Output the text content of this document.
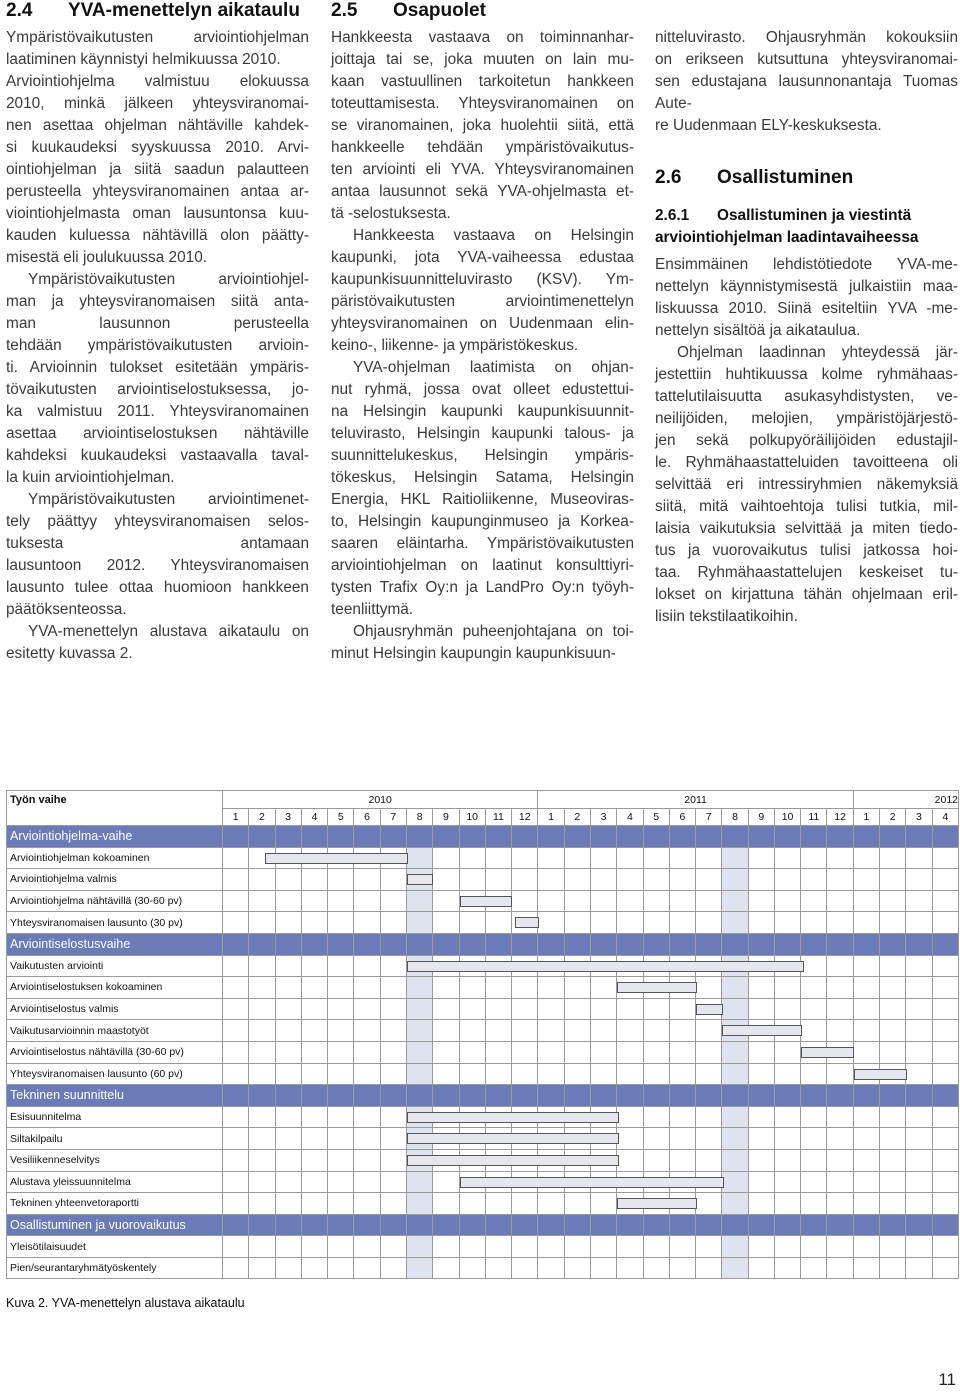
2.4	YVA-menettelyn aikataulu

Ympäristövaikutusten arviointiohjelman

laatiminen käynnistyi helmikuussa 2010.

Arviointiohjelma valmistuu elokuussa

2010, minkä jälkeen yhteysviranomai-

nen asettaa ohjelman nähtäville kahdek-

si kuukaudeksi syyskuussa 2010. Arvi-

ointiohjelman ja siitä saadun palautteen

perusteella yhteysviranomainen antaa ar-

viointiohjelmasta oman lausuntonsa kuu-

kauden kuluessa nähtävillä olon päätty-

misestä eli joulukuussa 2010.

Ympäristövaikutusten arviointiohjel-

man ja yhteysviranomaisen siitä anta-

man lausunnon perusteella

tehdään ympäristövaikutusten arvioin-

ti. Arvioinnin tulokset esitetään ympäris-

tövaikutusten arviointiselostuksessa, jo-

ka valmistuu 2011. Yhteysviranomainen

asettaa arviointiselostuksen nähtäville

kahdeksi kuukaudeksi vastaavalla taval-

la kuin arviointiohjelman.

Ympäristövaikutusten arviointimenet-

tely päättyy yhteysviranomaisen selos-

tuksesta antamaan

lausuntoon 2012. Yhteysviranomaisen

lausunto tulee ottaa huomioon hankkeen

päätöksenteossa.

YVA-menettelyn alustava aikataulu on

esitetty kuvassa 2.

2.5	Osapuolet

Hankkeesta vastaava on toiminnanhar-

joittaja tai se, joka muuten on lain mu-

kaan vastuullinen tarkoitetun hankkeen

toteuttamisesta. Yhteysviranomainen on

se viranomainen, joka huolehtii siitä, että

hankkeelle tehdään ympäristövaikutus-

ten arviointi eli YVA. Yhteysviranomainen

antaa lausunnot sekä YVA-ohjelmasta et-

tä -selostuksesta.

Hankkeesta vastaava on Helsingin

kaupunki, jota YVA-vaiheessa edustaa

kaupunkisuunnitteluvirasto (KSV). Ym-

päristövaikutusten arviointimenettelyn

yhteysviranomainen on Uudenmaan elin-

keino-, liikenne- ja ympäristökeskus.

YVA-ohjelman laatimista on ohjan-

nut ryhmä, jossa ovat olleet edustettui-

na Helsingin kaupunki kaupunkisuunnit-

teluvirasto, Helsingin kaupunki talous- ja

suunnittelukeskus, Helsingin ympäris-

tökeskus, Helsingin Satama, Helsingin

Energia, HKL Raitioliikenne, Museoviras-

to, Helsingin kaupunginmuseo ja Korkea-

saaren eläintarha. Ympäristövaikutusten

arviointiohjelman on laatinut konsulttiyri-

tysten Trafix Oy:n ja LandPro Oy:n työyh-

teenliittymä.

Ohjausryhmän puheenjohtajana on toi-

minut Helsingin kaupungin kaupunkisuun-

nitteluvirasto. Ohjausryhmän kokouksiin

on erikseen kutsuttuna yhteysviranomai-

sen edustajana lausunnonantaja Tuomas Aute-

re Uudenmaan ELY-keskuksesta.

2.6	Osallistuminen
2.6.1	Osallistuminen ja viestintä
arviointiohjelman laadintavaiheessa

Ensimmäinen lehdistötiedote YVA-me-

nettelyn käynnistymisestä julkaistiin maa-

liskuussa 2010. Siinä esiteltiin YVA -me-

nettelyn sisältöä ja aikataulua.

Ohjelman laadinnan yhteydessä jär-

jestettiin huhtikuussa kolme ryhmähaas-

tattelutilaisuutta asukasyhdistysten, ve-

neilijöiden, melojien, ympäristöjärjestö-

jen sekä polkupyöräilijöiden edustajil-

le. Ryhmähaastatteluiden tavoitteena oli

selvittää eri intressiryhmien näkemyksiä

siitä, mitä vaihtoehtoja tulisi tutkia, mil-

laisia vaikutuksia selvittää ja miten tiedo-

tus ja vuorovaikutus tulisi jatkossa hoi-

taa. Ryhmähaastattelujen keskeiset tu-

lokset on kirjattuna tähän ohjelmaan eril-

lisiin tekstilaatikoihin.

Työn vaihe	2010												2011												2012			
	1	2	3	4	5	6	7	8	9	10	11	12	1	2	3	4	5	6	7	8	9	10	11	12	1	2	3	4
Arviointiohjelma-vaihe																												
Arviointiohjelman kokoaminen		

Arviointiohjelma valmis								

Arviointiohjelma nähtävillä (30-60 pv)										

Yhteysviranomaisen lausunto (30 pv)												

Arviointiselostusvaihe																												
Vaikutusten arviointi								

Arviointiselostuksen kokoaminen																

Arviointiselostus valmis																			

Vaikutusarvioinnin maastotyöt																				

Arviointiselostus nähtävillä (30-60 pv)																							

Yhteysviranomaisen lausunto (60 pv)																									

Tekninen suunnittelu																												
Esisuunnitelma								

Siltakilpailu								

Vesiliikenneselvitys								

Alustava yleissuunnitelma										

Tekninen yhteenvetoraportti																

Osallistuminen ja vuorovaikutus																												
Yleisötilaisuudet																												
Pien/seurantaryhmätyöskentely																												
Kuva 2. YVA-menettelyn alustava aikataulu
11
